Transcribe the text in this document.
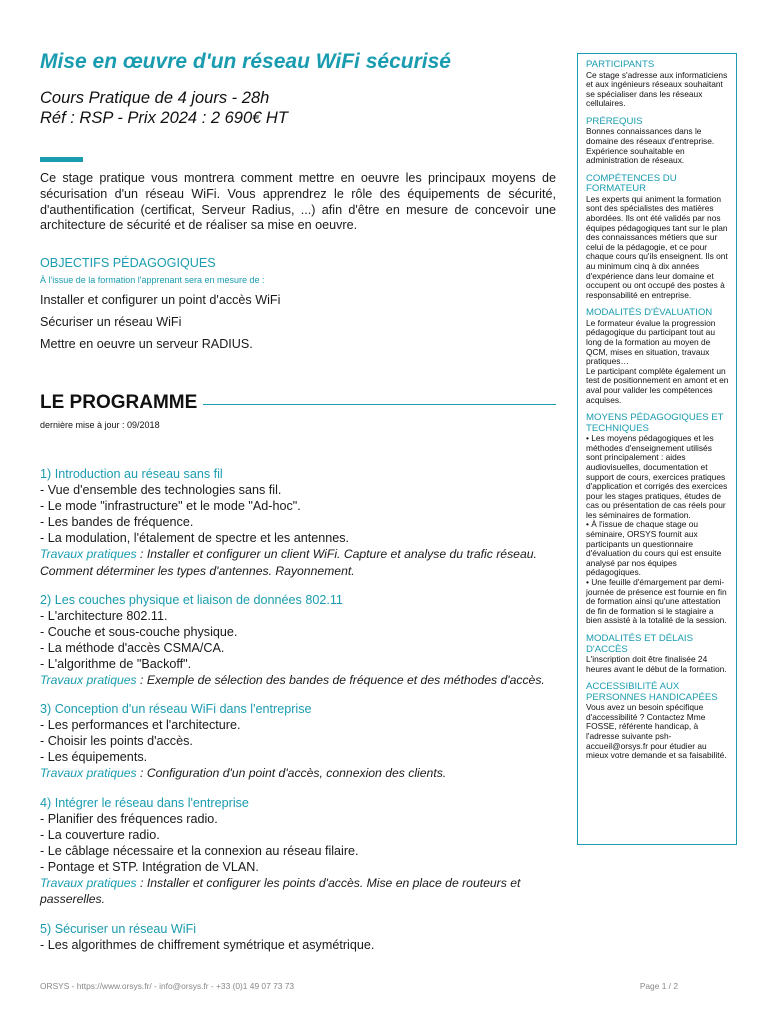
Mise en œuvre d'un réseau WiFi sécurisé
Cours Pratique de 4 jours - 28h
Réf : RSP - Prix 2024 : 2 690€ HT
Ce stage pratique vous montrera comment mettre en oeuvre les principaux moyens de sécurisation d'un réseau WiFi. Vous apprendrez le rôle des équipements de sécurité, d'authentification (certificat, Serveur Radius, ...) afin d'être en mesure de concevoir une architecture de sécurité et de réaliser sa mise en oeuvre.
OBJECTIFS PÉDAGOGIQUES
À l'issue de la formation l'apprenant sera en mesure de :
Installer et configurer un point d'accès WiFi
Sécuriser un réseau WiFi
Mettre en oeuvre un serveur RADIUS.
LE PROGRAMME
dernière mise à jour : 09/2018
1) Introduction au réseau sans fil
- Vue d'ensemble des technologies sans fil.
- Le mode "infrastructure" et le mode "Ad-hoc".
- Les bandes de fréquence.
- La modulation, l'étalement de spectre et les antennes.
Travaux pratiques : Installer et configurer un client WiFi. Capture et analyse du trafic réseau. Comment déterminer les types d'antennes. Rayonnement.
2) Les couches physique et liaison de données 802.11
- L'architecture 802.11.
- Couche et sous-couche physique.
- La méthode d'accès CSMA/CA.
- L'algorithme de "Backoff".
Travaux pratiques : Exemple de sélection des bandes de fréquence et des méthodes d'accès.
3) Conception d'un réseau WiFi dans l'entreprise
- Les performances et l'architecture.
- Choisir les points d'accès.
- Les équipements.
Travaux pratiques : Configuration d'un point d'accès, connexion des clients.
4) Intégrer le réseau dans l'entreprise
- Planifier des fréquences radio.
- La couverture radio.
- Le câblage nécessaire et la connexion au réseau filaire.
- Pontage et STP. Intégration de VLAN.
Travaux pratiques : Installer et configurer les points d'accès. Mise en place de routeurs et passerelles.
5) Sécuriser un réseau WiFi
- Les algorithmes de chiffrement symétrique et asymétrique.
PARTICIPANTS
Ce stage s'adresse aux informaticiens et aux ingénieurs réseaux souhaitant se spécialiser dans les réseaux cellulaires.
PRÉREQUIS
Bonnes connaissances dans le domaine des réseaux d'entreprise. Expérience souhaitable en administration de réseaux.
COMPÉTENCES DU FORMATEUR
Les experts qui animent la formation sont des spécialistes des matières abordées. Ils ont été validés par nos équipes pédagogiques tant sur le plan des connaissances métiers que sur celui de la pédagogie, et ce pour chaque cours qu'ils enseignent. Ils ont au minimum cinq à dix années d'expérience dans leur domaine et occupent ou ont occupé des postes à responsabilité en entreprise.
MODALITÉS D'ÉVALUATION
Le formateur évalue la progression pédagogique du participant tout au long de la formation au moyen de QCM, mises en situation, travaux pratiques…
Le participant complète également un test de positionnement en amont et en aval pour valider les compétences acquises.
MOYENS PÉDAGOGIQUES ET TECHNIQUES
• Les moyens pédagogiques et les méthodes d'enseignement utilisés sont principalement : aides audiovisuelles, documentation et support de cours, exercices pratiques d'application et corrigés des exercices pour les stages pratiques, études de cas ou présentation de cas réels pour les séminaires de formation.
• À l'issue de chaque stage ou séminaire, ORSYS fournit aux participants un questionnaire d'évaluation du cours qui est ensuite analysé par nos équipes pédagogiques.
• Une feuille d'émargement par demi-journée de présence est fournie en fin de formation ainsi qu'une attestation de fin de formation si le stagiaire a bien assisté à la totalité de la session.
MODALITÉS ET DÉLAIS D'ACCÈS
L'inscription doit être finalisée 24 heures avant le début de la formation.
ACCESSIBILITÉ AUX PERSONNES HANDICAPÉES
Vous avez un besoin spécifique d'accessibilité ? Contactez Mme FOSSE, référente handicap, à l'adresse suivante psh-accueil@orsys.fr pour étudier au mieux votre demande et sa faisabilité.
ORSYS - https://www.orsys.fr/ - info@orsys.fr - +33 (0)1 49 07 73 73	Page 1 / 2
